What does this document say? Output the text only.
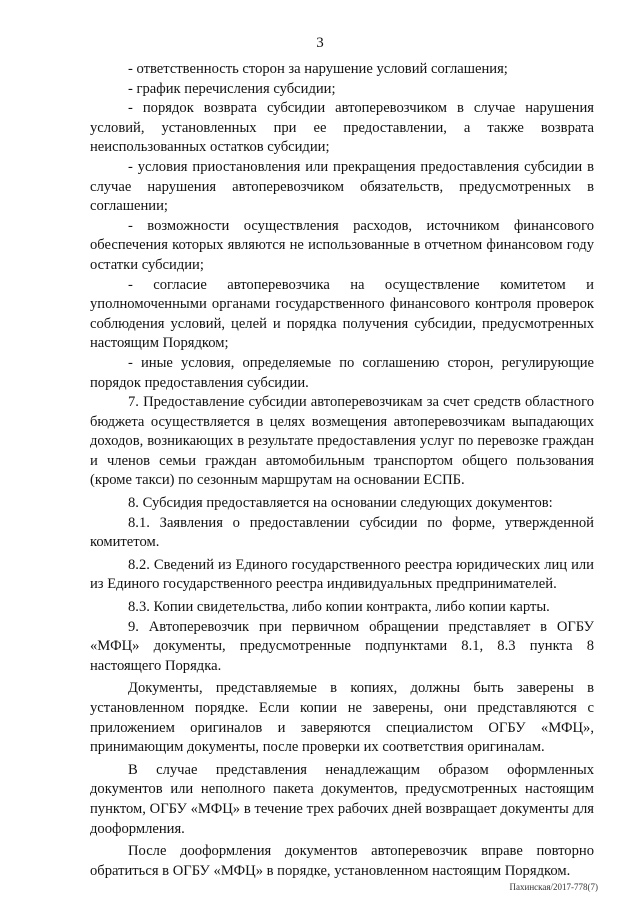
3

- ответственность сторон за нарушение условий соглашения;

- график перечисления субсидии;

- порядок возврата субсидии автоперевозчиком в случае нарушения условий, установленных при ее предоставлении, а также возврата неиспользованных остатков субсидии;

- условия приостановления или прекращения предоставления субсидии в случае нарушения автоперевозчиком обязательств, предусмотренных в соглашении;

- возможности осуществления расходов, источником финансового обеспечения которых являются не использованные в отчетном финансовом году остатки субсидии;

- согласие автоперевозчика на осуществление комитетом и уполномоченными органами государственного финансового контроля проверок соблюдения условий, целей и порядка получения субсидии, предусмотренных настоящим Порядком;

- иные условия, определяемые по соглашению сторон, регулирующие порядок предоставления субсидии.

7. Предоставление субсидии автоперевозчикам за счет средств областного бюджета осуществляется в целях возмещения автоперевозчикам выпадающих доходов, возникающих в результате предоставления услуг по перевозке граждан и членов семьи граждан автомобильным транспортом общего пользования (кроме такси) по сезонным маршрутам на основании ЕСПБ.

8. Субсидия предоставляется на основании следующих документов:

8.1. Заявления о предоставлении субсидии по форме, утвержденной комитетом.

8.2. Сведений из Единого государственного реестра юридических лиц или из Единого государственного реестра индивидуальных предпринимателей.

8.3. Копии свидетельства, либо копии контракта, либо копии карты.

9. Автоперевозчик при первичном обращении представляет в ОГБУ «МФЦ» документы, предусмотренные подпунктами 8.1, 8.3 пункта 8 настоящего Порядка.

Документы, представляемые в копиях, должны быть заверены в установленном порядке. Если копии не заверены, они представляются с приложением оригиналов и заверяются специалистом ОГБУ «МФЦ», принимающим документы, после проверки их соответствия оригиналам.

В случае представления ненадлежащим образом оформленных документов или неполного пакета документов, предусмотренных настоящим пунктом, ОГБУ «МФЦ» в течение трех рабочих дней возвращает документы для дооформления.

После дооформления документов автоперевозчик вправе повторно обратиться в ОГБУ «МФЦ» в порядке, установленном настоящим Порядком.

Пахинская/2017-778(7)
